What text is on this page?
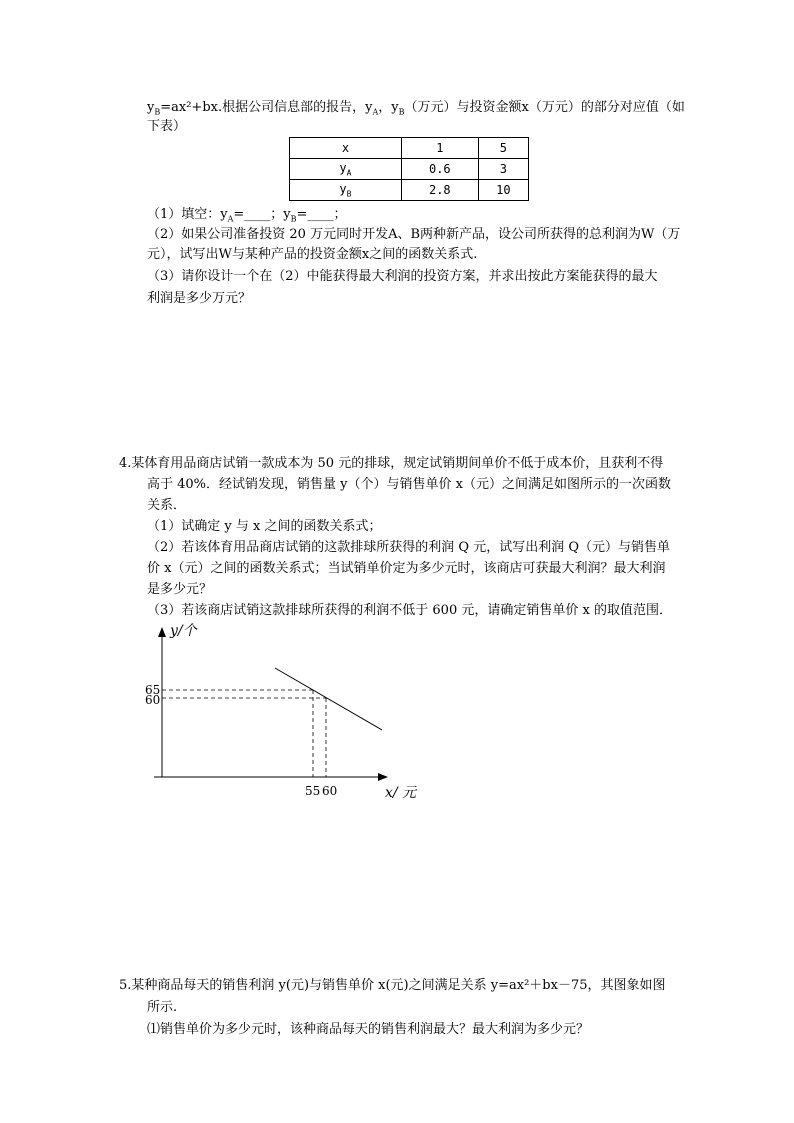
$y_B=ax^2+bx$.根据公司信息部的报告，$y_A$，$y_B$（万元）与投资金额x（万元）的部分对应值（如
下表）
x	1	5
$y_A$	0.6	3
$y_B$	2.8	10
（1）填空：$y_A=\_\_\_\_$；$y_B=\_\_\_\_$；
（2）如果公司准备投资 20 万元同时开发A、B两种新产品，设公司所获得的总利润为W（万
元），试写出W与某种产品的投资金额x之间的函数关系式.
（3）请你设计一个在（2）中能获得最大利润的投资方案，并求出按此方案能获得的最大
利润是多少万元？
4.某体育用品商店试销一款成本为 50 元的排球，规定试销期间单价不低于成本价，且获利不得
高于 40%．经试销发现，销售量 y（个）与销售单价 x（元）之间满足如图所示的一次函数
关系．
（1）试确定 y 与 x 之间的函数关系式；
（2）若该体育用品商店试销的这款排球所获得的利润 Q 元，试写出利润 Q（元）与销售单
价 x（元）之间的函数关系式；当试销单价定为多少元时，该商店可获最大利润？最大利润
是多少元？
（3）若该商店试销这款排球所获得的利润不低于 600 元，请确定销售单价 x 的取值范围．
y/个
x/ 元
65
60
55 60
5.某种商品每天的销售利润 y(元)与销售单价 x(元)之间满足关系 y=ax²＋bx－75，其图象如图
所示.
⑴销售单价为多少元时，该种商品每天的销售利润最大？最大利润为多少元？
